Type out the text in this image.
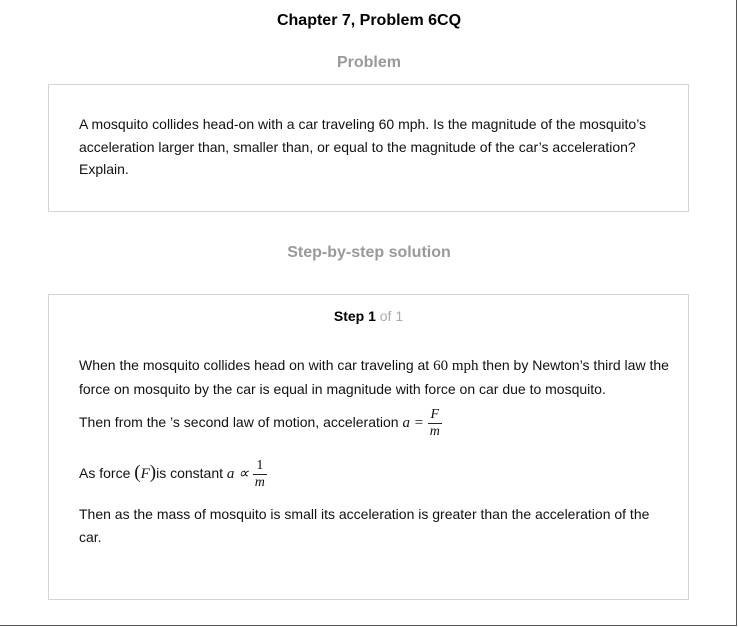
Chapter 7, Problem 6CQ
Problem
A mosquito collides head-on with a car traveling 60 mph. Is the magnitude of the mosquito’s acceleration larger than, smaller than, or equal to the magnitude of the car’s acceleration? Explain.
Step-by-step solution
Step 1 of 1
When the mosquito collides head on with car traveling at 60 mph then by Newton’s third law the force on mosquito by the car is equal in magnitude with force on car due to mosquito.
Then from the ’s second law of motion, acceleration $a = \frac{F}{m}$
As force (F)is constant $a \propto \frac{1}{m}$
Then as the mass of mosquito is small its acceleration is greater than the acceleration of the car.
